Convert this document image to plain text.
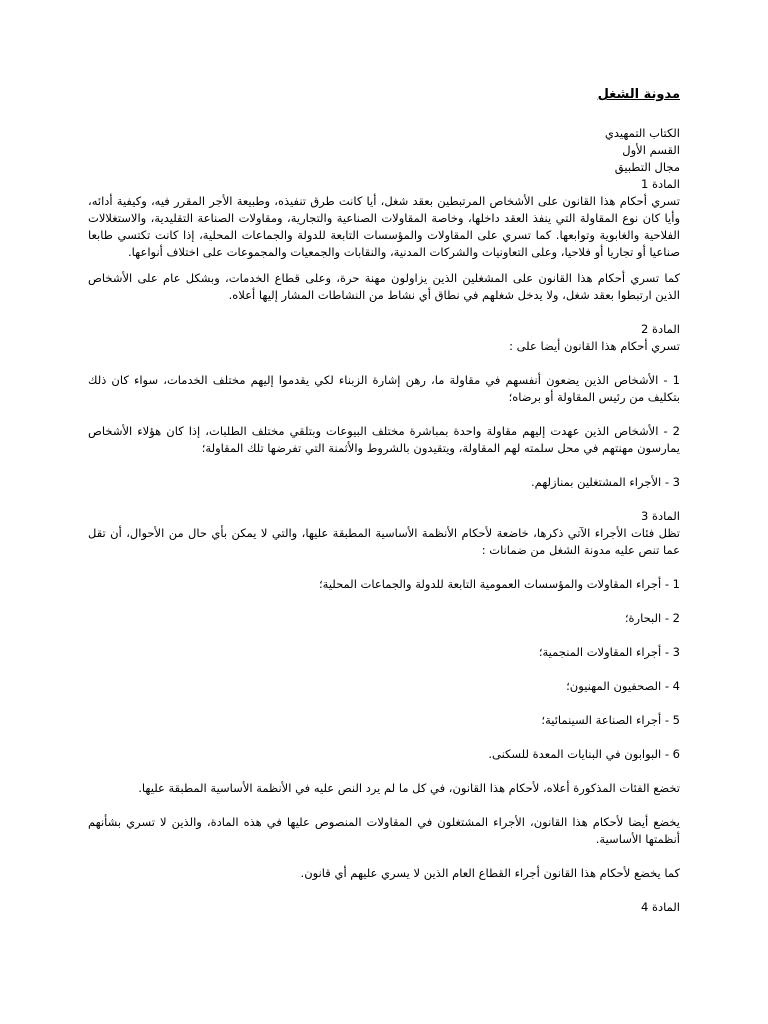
مدونة الشغل
الكتاب التمهيدي
القسم الأول
مجال التطبيق
المادة 1

تسري أحكام هذا القانون على الأشخاص المرتبطين بعقد شغل، أيا كانت طرق تنفيذه، وطبيعة الأجر المقرر فيه، وكيفية أدائه، وأيا كان نوع المقاولة التي ينفذ العقد داخلها، وخاصة المقاولات الصناعية والتجارية، ومقاولات الصناعة التقليدية، والاستغلالات الفلاحية والغابوية وتوابعها. كما تسري على المقاولات والمؤسسات التابعة للدولة والجماعات المحلية، إذا كانت تكتسي طابعا صناعيا أو تجاريا أو فلاحيا، وعلى التعاونيات والشركات المدنية، والنقابات والجمعيات والمجموعات على اختلاف أنواعها.

كما تسري أحكام هذا القانون على المشغلين الذين يزاولون مهنة حرة، وعلى قطاع الخدمات، وبشكل عام على الأشخاص الذين ارتبطوا بعقد شغل، ولا يدخل شغلهم في نطاق أي نشاط من النشاطات المشار إليها أعلاه.

المادة 2
تسري أحكام هذا القانون أيضا على :

1 - الأشخاص الذين يضعون أنفسهم في مقاولة ما، رهن إشارة الزبناء لكي يقدموا إليهم مختلف الخدمات، سواء كان ذلك بتكليف من رئيس المقاولة أو برضاه؛

2 - الأشخاص الذين عهدت إليهم مقاولة واحدة بمباشرة مختلف البيوعات وبتلقي مختلف الطلبات، إذا كان هؤلاء الأشخاص يمارسون مهنتهم في محل سلمته لهم المقاولة، ويتقيدون بالشروط والأثمنة التي تفرضها تلك المقاولة؛

3 - الأجراء المشتغلين بمنازلهم.
المادة 3

تظل فئات الأجراء الآتي ذكرها، خاضعة لأحكام الأنظمة الأساسية المطبقة عليها، والتي لا يمكن بأي حال من الأحوال، أن تقل عما تنص عليه مدونة الشغل من ضمانات :

1 - أجراء المقاولات والمؤسسات العمومية التابعة للدولة والجماعات المحلية؛
2 - البحارة؛
3 - أجراء المقاولات المنجمية؛
4 - الصحفيون المهنيون؛
5 - أجراء الصناعة السينمائية؛
6 - البوابون في البنايات المعدة للسكنى.

تخضع الفئات المذكورة أعلاه، لأحكام هذا القانون، في كل ما لم يرد النص عليه في الأنظمة الأساسية المطبقة عليها.

يخضع أيضا لأحكام هذا القانون، الأجراء المشتغلون في المقاولات المنصوص عليها في هذه المادة، والذين لا تسري بشأنهم أنظمتها الأساسية.

كما يخضع لأحكام هذا القانون أجراء القطاع العام الذين لا يسري عليهم أي قانون.

المادة 4
